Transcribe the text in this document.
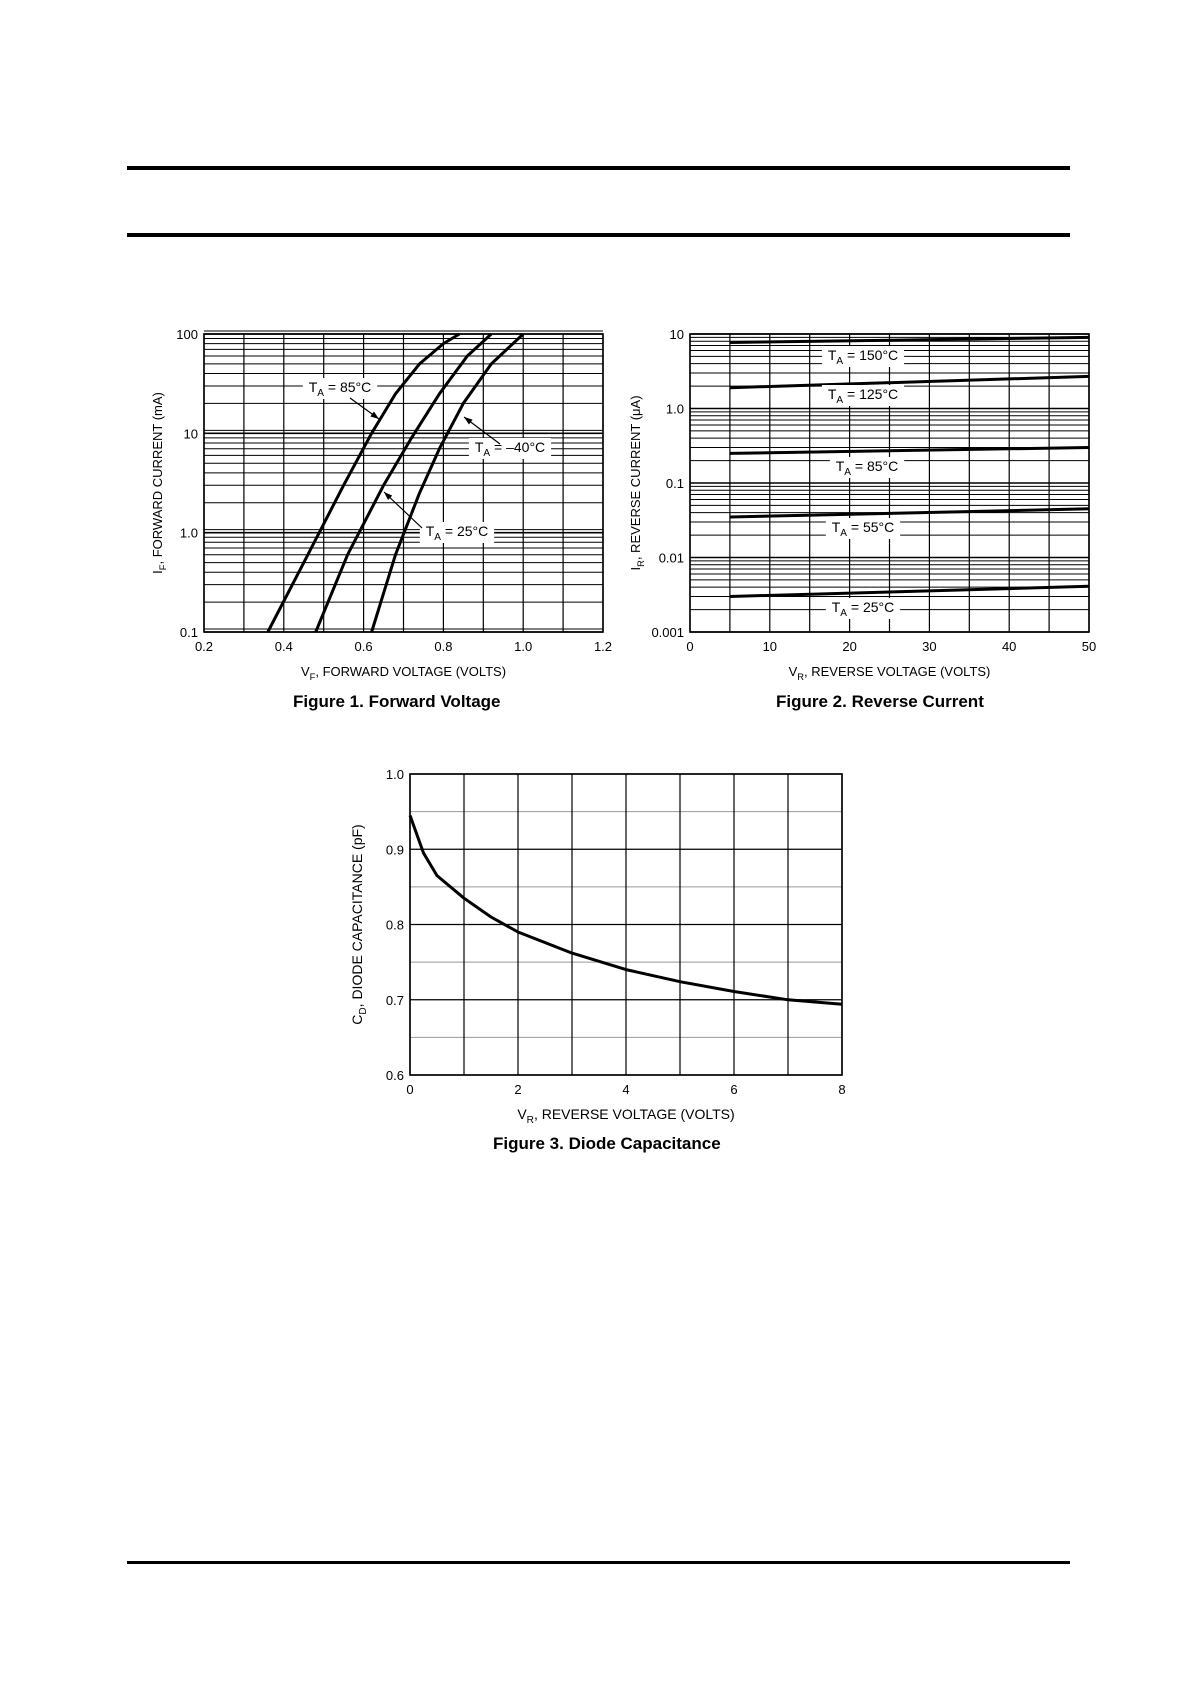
0.2	0.4	0.6	0.8	1.0	1.2
0.1
1.0
10
100
$V_F$, FORWARD VOLTAGE (VOLTS)
$I_F$, FORWARD CURRENT (mA)
$T_A = 85^\circ C$
$T_A = -40^\circ C$
$T_A = 25^\circ C$
Figure 1. Forward Voltage
0	10	20	30	40	50
0.001
0.01
0.1
1.0
10
$V_R$, REVERSE VOLTAGE (VOLTS)
$I_R$, REVERSE CURRENT (μA)
$T_A = 150^\circ C$
$T_A = 125^\circ C$
$T_A = 85^\circ C$
$T_A = 55^\circ C$
$T_A = 25^\circ C$
Figure 2. Reverse Current
0	2	4	6	8
0.6
0.7
0.8
0.9
1.0
$V_R$, REVERSE VOLTAGE (VOLTS)
$C_D$, DIODE CAPACITANCE (pF)
Figure 3. Diode Capacitance
